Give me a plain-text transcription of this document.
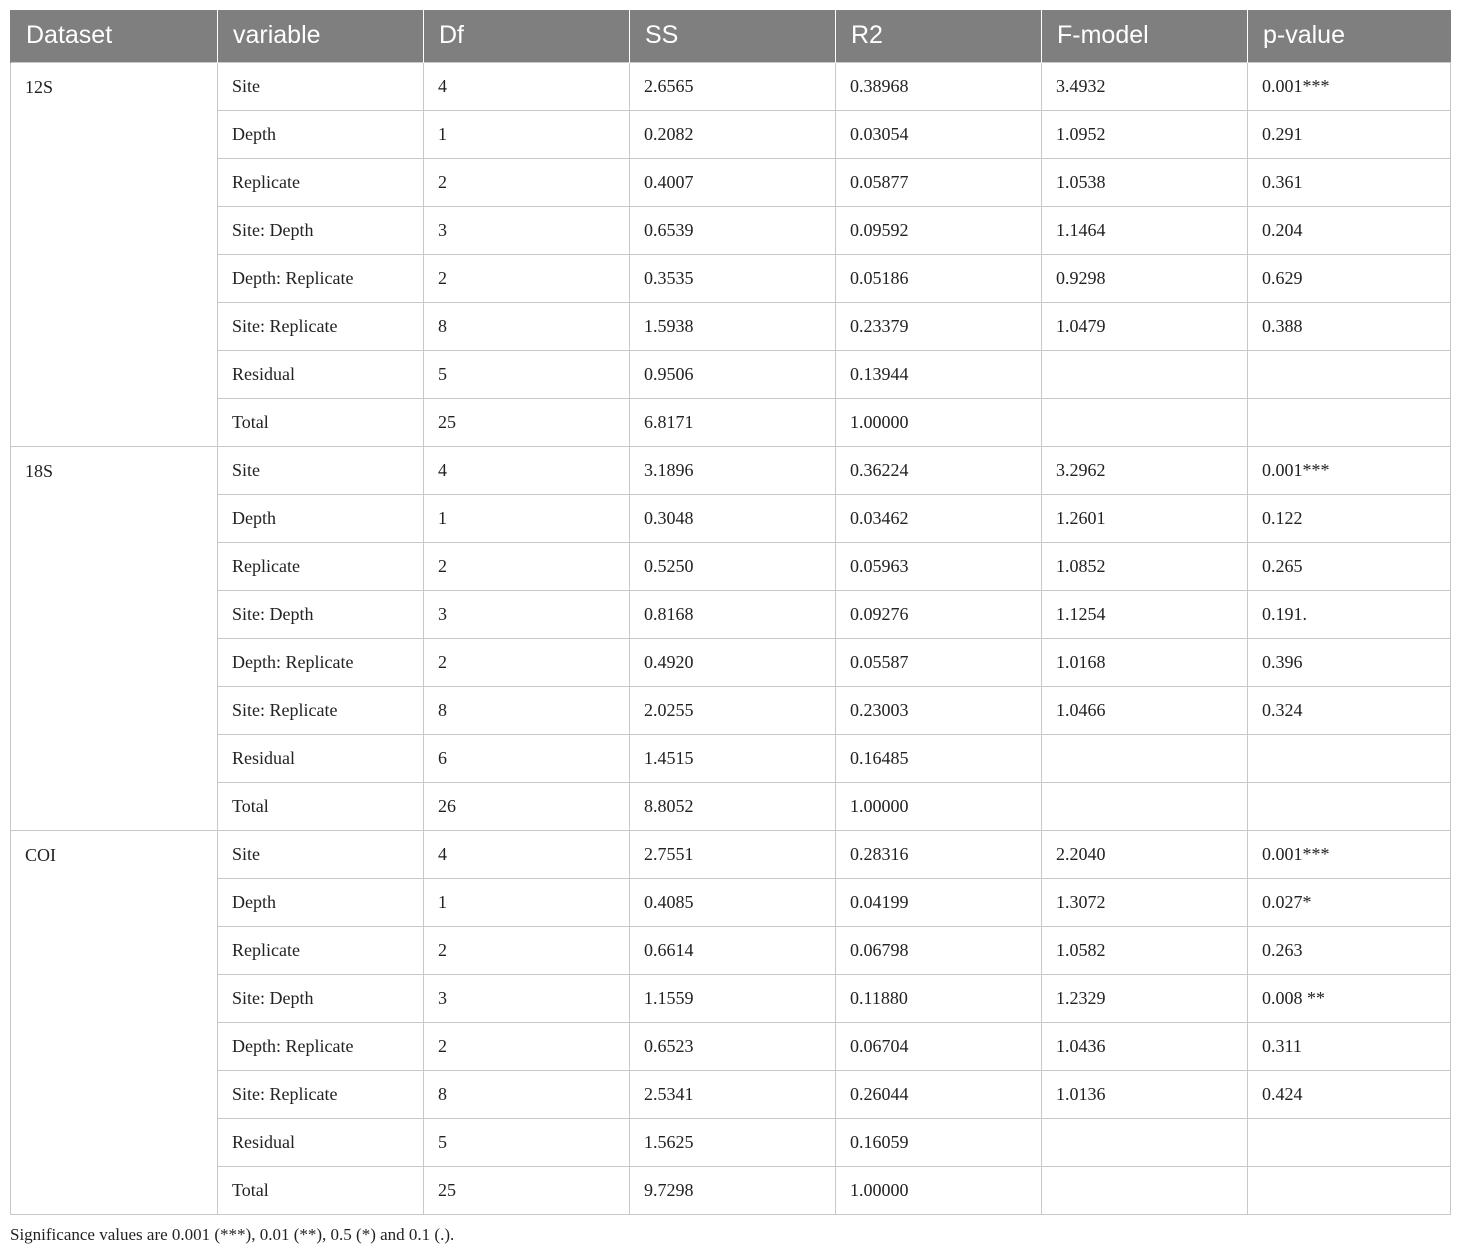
Dataset	variable	Df	SS	R2	F-model	p-value
12S	Site	4	2.6565	0.38968	3.4932	0.001***
	Depth	1	0.2082	0.03054	1.0952	0.291
	Replicate	2	0.4007	0.05877	1.0538	0.361
	Site: Depth	3	0.6539	0.09592	1.1464	0.204
	Depth: Replicate	2	0.3535	0.05186	0.9298	0.629
	Site: Replicate	8	1.5938	0.23379	1.0479	0.388
	Residual	5	0.9506	0.13944		
	Total	25	6.8171	1.00000		
18S	Site	4	3.1896	0.36224	3.2962	0.001***
	Depth	1	0.3048	0.03462	1.2601	0.122
	Replicate	2	0.5250	0.05963	1.0852	0.265
	Site: Depth	3	0.8168	0.09276	1.1254	0.191.
	Depth: Replicate	2	0.4920	0.05587	1.0168	0.396
	Site: Replicate	8	2.0255	0.23003	1.0466	0.324
	Residual	6	1.4515	0.16485		
	Total	26	8.8052	1.00000		
COI	Site	4	2.7551	0.28316	2.2040	0.001***
	Depth	1	0.4085	0.04199	1.3072	0.027*
	Replicate	2	0.6614	0.06798	1.0582	0.263
	Site: Depth	3	1.1559	0.11880	1.2329	0.008 **
	Depth: Replicate	2	0.6523	0.06704	1.0436	0.311
	Site: Replicate	8	2.5341	0.26044	1.0136	0.424
	Residual	5	1.5625	0.16059		
	Total	25	9.7298	1.00000		
Significance values are 0.001 (***), 0.01 (**), 0.5 (*) and 0.1 (.).
